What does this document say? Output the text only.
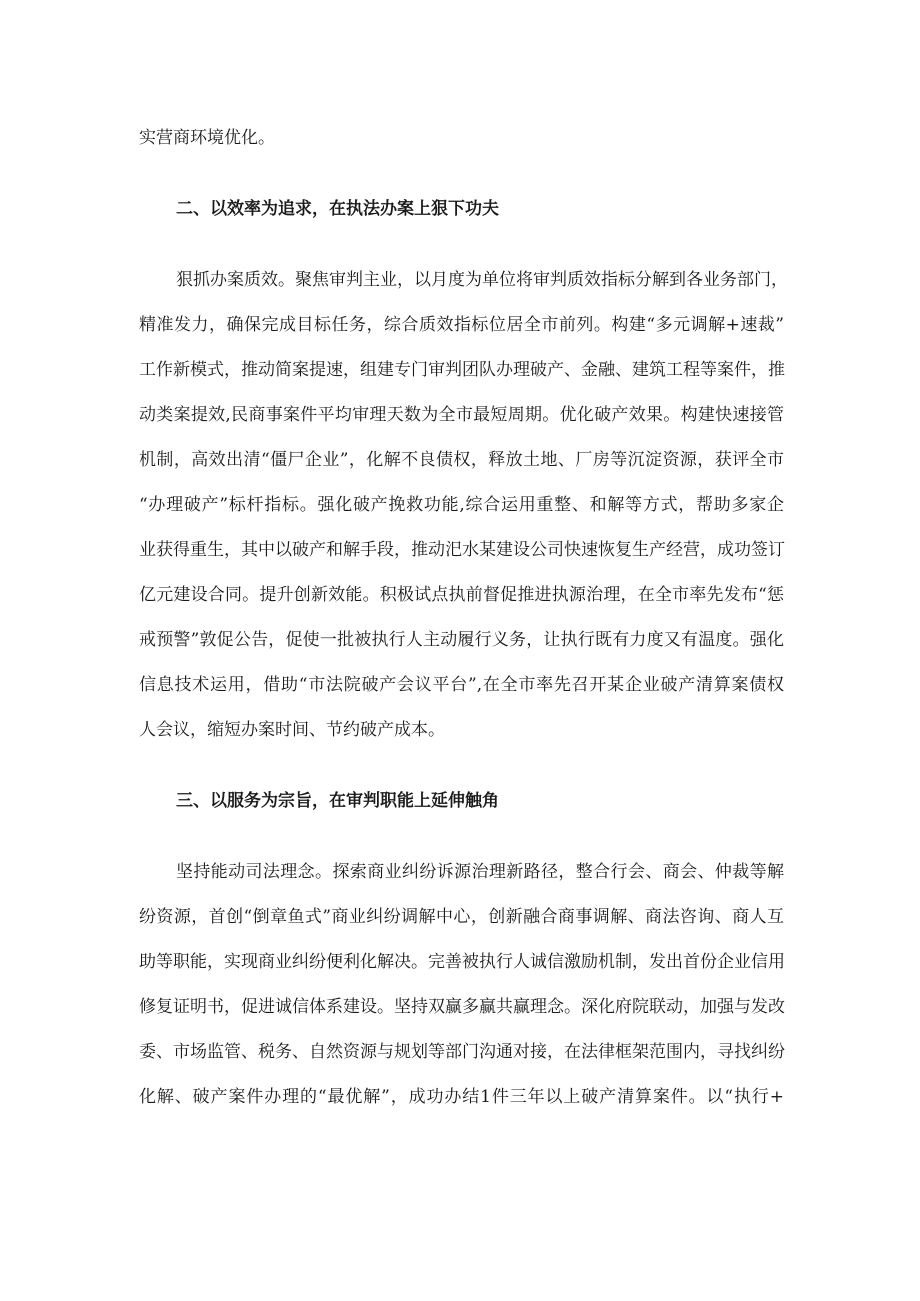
实营商环境优化。
二、以效率为追求，在执法办案上狠下功夫
狠抓办案质效。聚焦审判主业，以月度为单位将审判质效指标分解到各业务部门，
精准发力，确保完成目标任务，综合质效指标位居全市前列。构建“多元调解+速裁”
工作新模式，推动简案提速，组建专门审判团队办理破产、金融、建筑工程等案件，推
动类案提效,民商事案件平均审理天数为全市最短周期。优化破产效果。构建快速接管
机制，高效出清“僵尸企业”，化解不良债权，释放土地、厂房等沉淀资源，获评全市
“办理破产”标杆指标。强化破产挽救功能,综合运用重整、和解等方式，帮助多家企
业获得重生，其中以破产和解手段，推动汜水某建设公司快速恢复生产经营，成功签订
亿元建设合同。提升创新效能。积极试点执前督促推进执源治理，在全市率先发布“惩
戒预警”敦促公告，促使一批被执行人主动履行义务，让执行既有力度又有温度。强化
信息技术运用，借助“市法院破产会议平台”,在全市率先召开某企业破产清算案债权
人会议，缩短办案时间、节约破产成本。
三、以服务为宗旨，在审判职能上延伸触角
坚持能动司法理念。探索商业纠纷诉源治理新路径，整合行会、商会、仲裁等解
纷资源，首创“倒章鱼式”商业纠纷调解中心，创新融合商事调解、商法咨询、商人互
助等职能，实现商业纠纷便利化解决。完善被执行人诚信激励机制，发出首份企业信用
修复证明书，促进诚信体系建设。坚持双赢多赢共赢理念。深化府院联动，加强与发改
委、市场监管、税务、自然资源与规划等部门沟通对接，在法律框架范围内，寻找纠纷
化解、破产案件办理的“最优解”，成功办结1件三年以上破产清算案件。以“执行+
